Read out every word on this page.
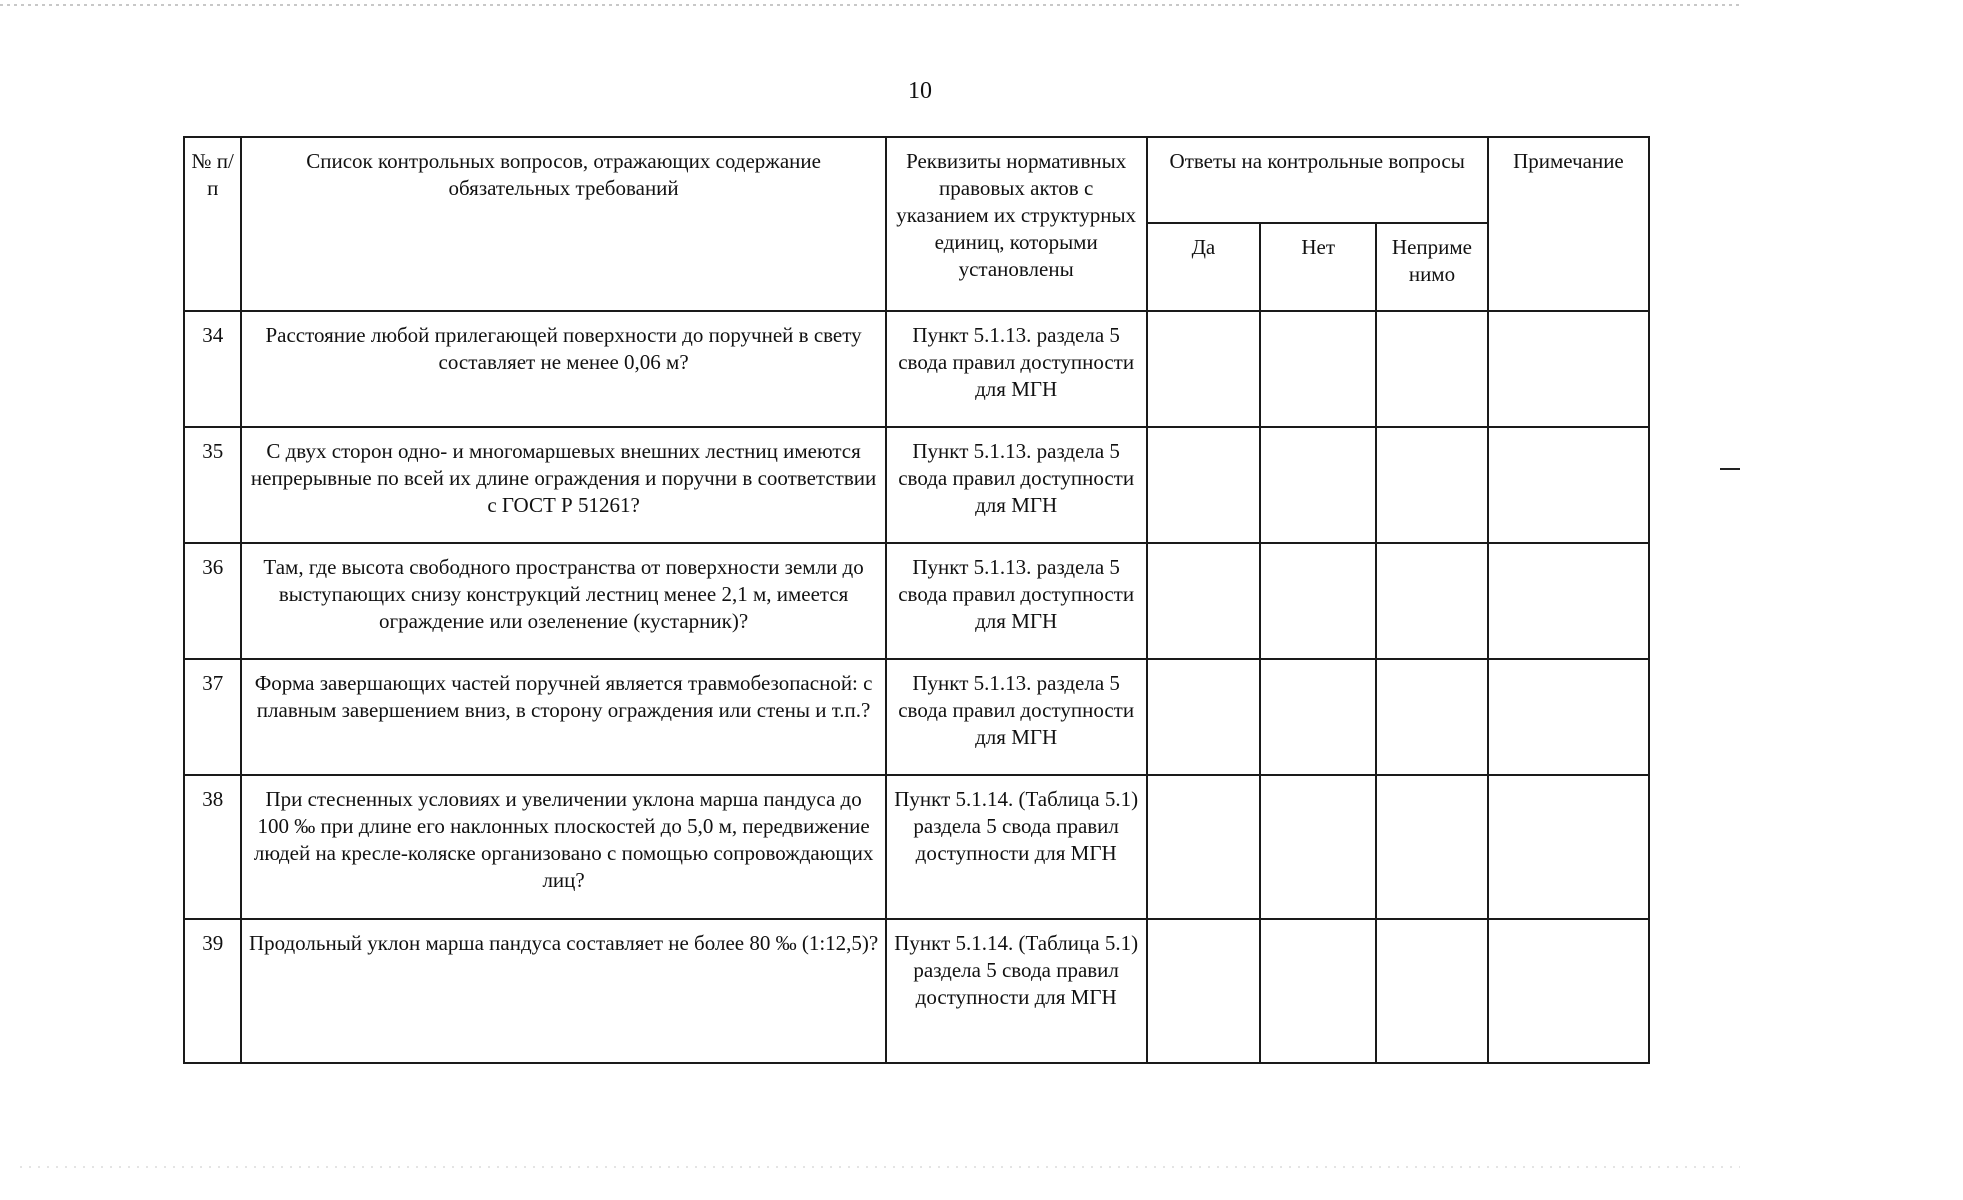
10
№ п/п	Список контрольных вопросов, отражающих содержание обязательных требований	Реквизиты нормативных правовых актов с указанием их структурных единиц, которыми установлены	Ответы на контрольные вопросы			Примечание
			Да	Нет	Неприме нимо	
34	Расстояние любой прилегающей поверхности до поручней в свету составляет не менее 0,06 м?	Пункт 5.1.13. раздела 5 свода правил доступности для МГН				
35	С двух сторон одно- и многомаршевых внешних лестниц имеются непрерывные по всей их длине ограждения и поручни в соответствии с ГОСТ Р 51261?	Пункт 5.1.13. раздела 5 свода правил доступности для МГН				
36	Там, где высота свободного пространства от поверхности земли до выступающих снизу конструкций лестниц менее 2,1 м, имеется ограждение или озеленение (кустарник)?	Пункт 5.1.13. раздела 5 свода правил доступности для МГН				
37	Форма завершающих частей поручней является травмобезопасной: с плавным завершением вниз, в сторону ограждения или стены и т.п.?	Пункт 5.1.13. раздела 5 свода правил доступности для МГН				
38	При стесненных условиях и увеличении уклона марша пандуса до 100 ‰ при длине его наклонных плоскостей до 5,0 м, передвижение людей на кресле-коляске организовано с помощью сопровождающих лиц?	Пункт 5.1.14. (Таблица 5.1) раздела 5 свода правил доступности для МГН				
39	Продольный уклон марша пандуса составляет не более 80 ‰ (1:12,5)?	Пункт 5.1.14. (Таблица 5.1) раздела 5 свода правил доступности для МГН				
